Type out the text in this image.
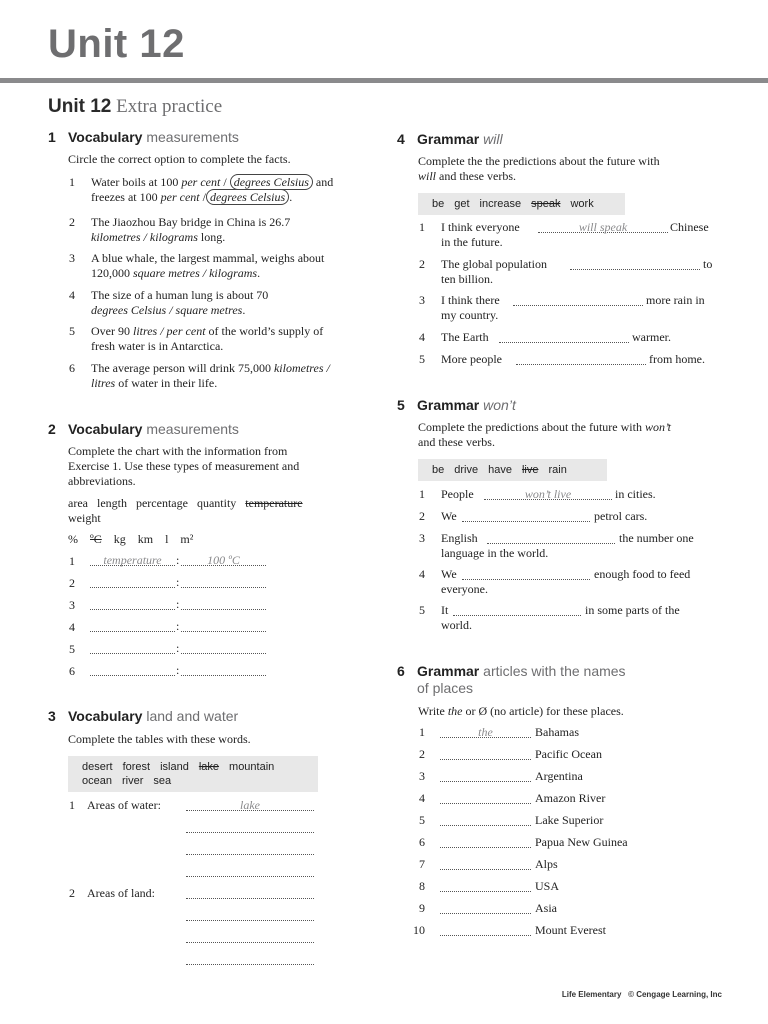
Unit 12
Unit 12 Extra practice
1 Vocabulary measurements
Circle the correct option to complete the facts.
1 Water boils at 100 per cent / degrees Celsius and
freezes at 100 per cent / degrees Celsius .
2 The Jiaozhou Bay bridge in China is 26.7
kilometres / kilograms long.
3 A blue whale, the largest mammal, weighs about
120,000 square metres / kilograms.
4 The size of a human lung is about 70
degrees Celsius / square metres.
5 Over 90 litres / per cent of the world’s supply of
fresh water is in Antarctica.
6 The average person will drink 75,000 kilometres /
litres of water in their life.
2 Vocabulary measurements
Complete the chart with the information from
Exercise 1. Use these types of measurement and
abbreviations.
area length percentage quantity temperature
weight
% ºC kg km l m²
1	temperature	:	100 ºC
2	:
3	:
4	:
5	:
6	:
3 Vocabulary land and water
Complete the tables with these words.
desert forest island lake mountain
ocean river sea
1 Areas of water:	lake
2 Areas of land:
4 Grammar will
Complete the the predictions about the future with
will and these verbs.
be get increase speak work
1 I think everyone	will speak	Chinese
in the future.
2 The global population	to
ten billion.
3 I think there	more rain in
my country.
4 The Earth	warmer.
5 More people	from home.
5 Grammar won’t
Complete the predictions about the future with won’t
and these verbs.
be drive have live rain
1 People	won’t live	in cities.
2 We	petrol cars.
3 English	the number one
language in the world.
4 We	enough food to feed
everyone.
5 It	in some parts of the
world.
6 Grammar articles with the names
of places
Write the or Ø (no article) for these places.
1	the	Bahamas
2	Pacific Ocean
3	Argentina
4	Amazon River
5	Lake Superior
6	Papua New Guinea
7	Alps
8	USA
9	Asia
10	Mount Everest
Life Elementary © Cengage Learning, Inc
